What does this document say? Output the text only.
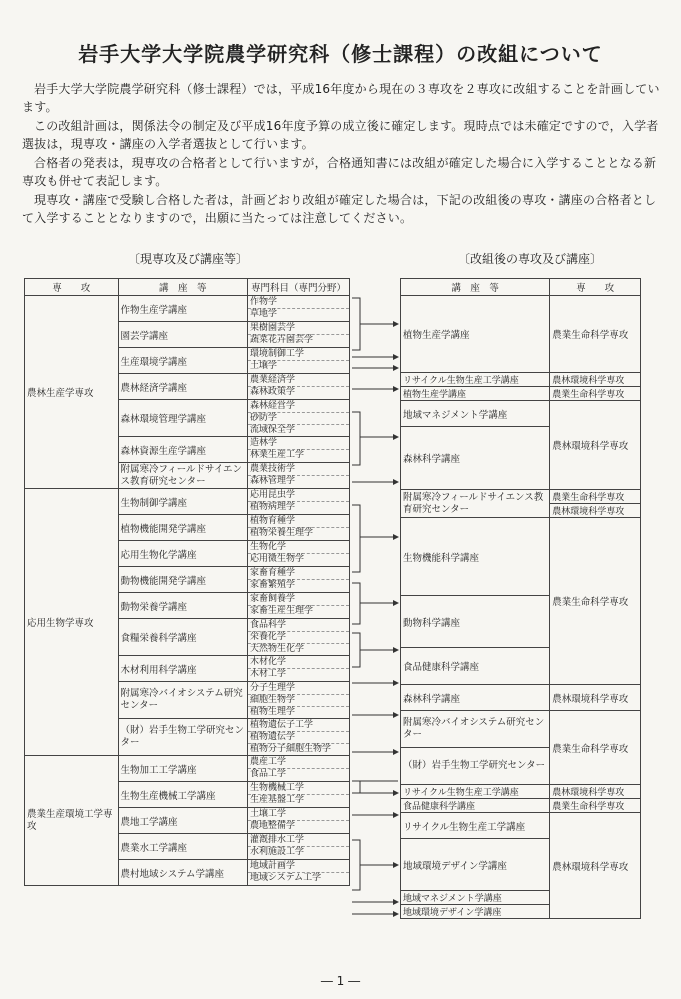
岩手大学大学院農学研究科（修士課程）の改組について
岩手大学大学院農学研究科（修士課程）では，平成16年度から現在の３専攻を２専攻に改組することを計画しています。
この改組計画は，関係法令の制定及び平成16年度予算の成立後に確定します。現時点では未確定ですので，入学者選抜は，現専攻・講座の入学者選抜として行います。
合格者の発表は，現専攻の合格者として行いますが，合格通知書には改組が確定した場合に入学することとなる新専攻も併せて表記します。
現専攻・講座で受験し合格した者は，計画どおり改組が確定した場合は，下記の改組後の専攻・講座の合格者として入学することとなりますので，出願に当たっては注意してください。
〔現専攻及び講座等〕	〔改組後の専攻及び講座〕
専　　攻	講　座　等	専門科目（専門分野）
農林生産学専攻	作物生産学講座	作物学
草地学

	園芸学講座	果樹園芸学
蔬菜花卉園芸学

	生産環境学講座	環境制御工学
土壌学

	農林経済学講座	農業経済学
森林政策学

	森林環境管理学講座	森林経営学
砂防学
流域保全学

	森林資源生産学講座	造林学
林業生産工学

	附属寒冷フィールドサイエンス教育研究センター	農業技術学
森林管理学

応用生物学専攻	生物制御学講座	応用昆虫学
植物病理学

	植物機能開発学講座	植物育種学
植物栄養生理学

	応用生物化学講座	生物化学
応用微生物学

	動物機能開発学講座	家畜育種学
家畜繁殖学

	動物栄養学講座	家畜飼養学
家畜生産生理学

	食糧栄養科学講座	食品科学
栄養化学
天然物生化学

	木材利用科学講座	木材化学
木材工学

	附属寒冷バイオシステム研究センター	分子生理学
細胞生物学
植物生理学

	（財）岩手生物工学研究センター	植物遺伝子工学
植物遺伝学
植物分子細胞生物学

農業生産環境工学専攻	生物加工工学講座	農産工学
食品工学

	生物生産機械工学講座	生物機械工学
生産基盤工学

	農地工学講座	土壌工学
農地整備学

	農業水工学講座	灌漑排水工学
水利施設工学

	農村地域システム学講座	地域計画学
地域システム工学
講　座　等	専　　攻
植物生産学講座	農業生命科学専攻
リサイクル生物生産工学講座	農林環境科学専攻
植物生産学講座	農業生命科学専攻
地域マネジメント学講座	農林環境科学専攻
森林科学講座	
附属寒冷フィールドサイエンス教育研究センター	農業生命科学専攻
	農林環境科学専攻
生物機能科学講座	農業生命科学専攻
動物科学講座	
食品健康科学講座	
森林科学講座	農林環境科学専攻
附属寒冷バイオシステム研究センター	農業生命科学専攻
（財）岩手生物工学研究センター	
リサイクル生物生産工学講座	農林環境科学専攻
食品健康科学講座	農業生命科学専攻
リサイクル生物生産工学講座	農林環境科学専攻
地域環境デザイン学講座	
地域マネジメント学講座	
地域環境デザイン学講座	
― 1 ―
